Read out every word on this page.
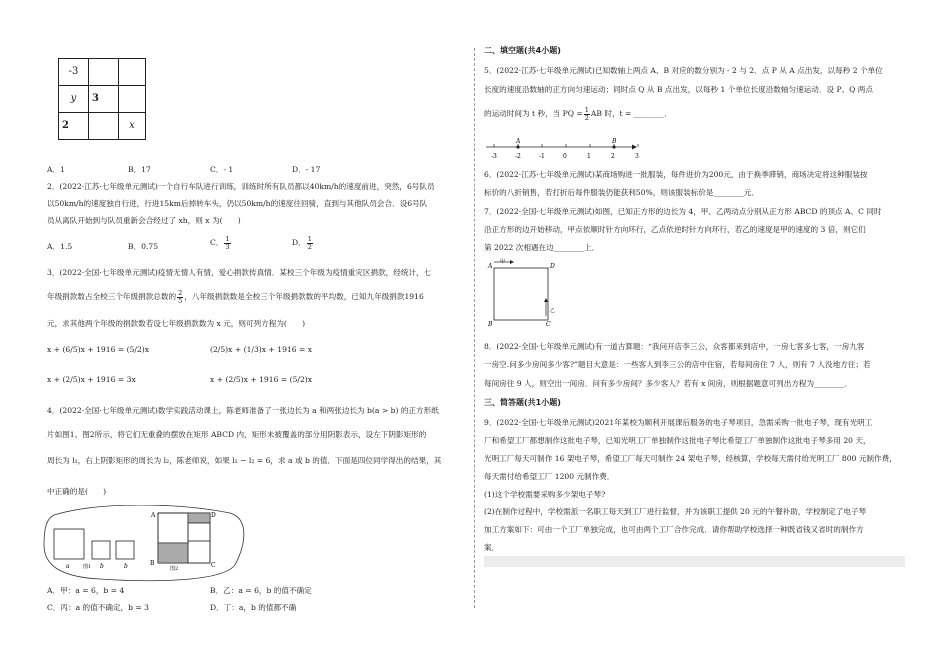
-3		
y	3	
2		x
A．1	B．17	C．- 1	D．- 17
2．(2022·江苏·七年级单元测试)一个自行车队进行训练，训练时所有队员都以40km/h的速度前进，突然，6号队员
以50km/h的速度独自行进，行进15km后掉转车头，仍以50km/h的速度往回骑，直到与其他队员会合．设6号队
员从离队开始到与队员重新会合经过了 xh，则 x 为(　　)
A．1.5	B．0.75	C． $\frac{1}{3}$	D． $\frac{1}{2}$
3．(2022·全国·七年级单元测试)疫情无情人有情，爱心捐款传真情．某校三个年级为疫情重灾区捐款，经统计，七
年级捐款数占全校三个年级捐款总数的 $\frac{2}{5}$ ，八年级捐款数是全校三个年级捐款数的平均数，已知九年级捐款1916
元，求其他两个年级的捐款数若设七年级捐款数为 x 元，则可列方程为(　　)
x + (6/5)x + 1916 = (5/2)x	(2/5)x + (1/3)x + 1916 = x
x + (2/5)x + 1916 = 3x	x + (2/5)x + 1916 = (5/2)x
4．(2022·全国·七年级单元测试)数学实践活动课上，陈老师准备了一张边长为 a 和两张边长为 b(a > b) 的正方形纸
片如图1、图2所示，将它们无重叠的摆放在矩形 ABCD 内，矩形未被覆盖的部分用阴影表示，设左下阴影矩形的
周长为 l₁，右上阴影矩形的周长为 l₂，陈老师说，如果 l₁ − l₂ = 6，求 a 或 b 的值．下面是四位同学得出的结果，其
中正确的是(　　)
a	图1 b	b
A	D
B	C
图2
A．甲：a = 6，b = 4	B．乙：a = 6，b 的值不确定
C．丙：a 的值不确定，b = 3	D．丁：a，b 的值都不确
二、填空题(共4小题)
5．(2022·江苏·七年级单元测试)已知数轴上两点 A、B 对应的数分别为 - 2 与 2．点 P 从 A 点出发，以每秒 2 个单位
长度的速度沿数轴的正方向匀速运动；同时点 Q 从 B 点出发，以每秒 1 个单位长度沿数轴匀速运动．设 P、Q 两点
的运动时间为 t 秒，当 PQ = $\frac{1}{2}$ AB 时，t = ________．
-3	-2	-1	0	1	2	3
A	B
6．(2022·江苏·七年级单元测试)某商场购进一批服装，每件进价为200元，由于换季滞销，商场决定将这种服装按
标价的八折销售，若打折后每件服装仍能获利50%，则该服装标价是________元．
7．(2022·全国·七年级单元测试)如图，已知正方形的边长为 4，甲、乙两动点分别从正方形 ABCD 的顶点 A、C 同时
沿正方形的边开始移动，甲点依顺时针方向环行，乙点依逆时针方向环行，若乙的速度是甲的速度的 3 倍，则它们
第 2022 次相遇在边________上．
A	D
B	C
甲
乙
8．(2022·全国·七年级单元测试)有一道古算题：“我问开店李三公，众客都来到店中，一房七客多七客，一房九客
一房空.问多少房间多少客?”题目大意是：一些客人到李三公的店中住宿，若每间房住 7 人，则有 7 人没地方住；若
每间房住 9 人，则空出一间房．问有多少房间？多少客人？若有 x 间房，则根据题意可列出方程为________．
三、简答题(共1小题)
9．(2022·全国·七年级单元测试)2021年某校为顺利开展课后服务的电子琴项目，急需采购一批电子琴，现有光明工
厂和希望工厂都想制作这批电子琴，已知光明工厂单独制作这批电子琴比希望工厂单独制作这批电子琴多用 20 天，
光明工厂每天可制作 16 架电子琴，希望工厂每天可制作 24 架电子琴，经核算，学校每天需付给光明工厂 800 元制作费，
每天需付给希望工厂 1200 元制作费．
(1)这个学校需要采购多少架电子琴?
(2)在制作过程中，学校需派一名职工每天到工厂进行监督，并为该职工提供 20 元的午餐补助，学校制定了电子琴
加工方案如下：可由一个工厂单独完成，也可由两个工厂合作完成．请你帮助学校选择一种既省钱又省时的制作方
案．
